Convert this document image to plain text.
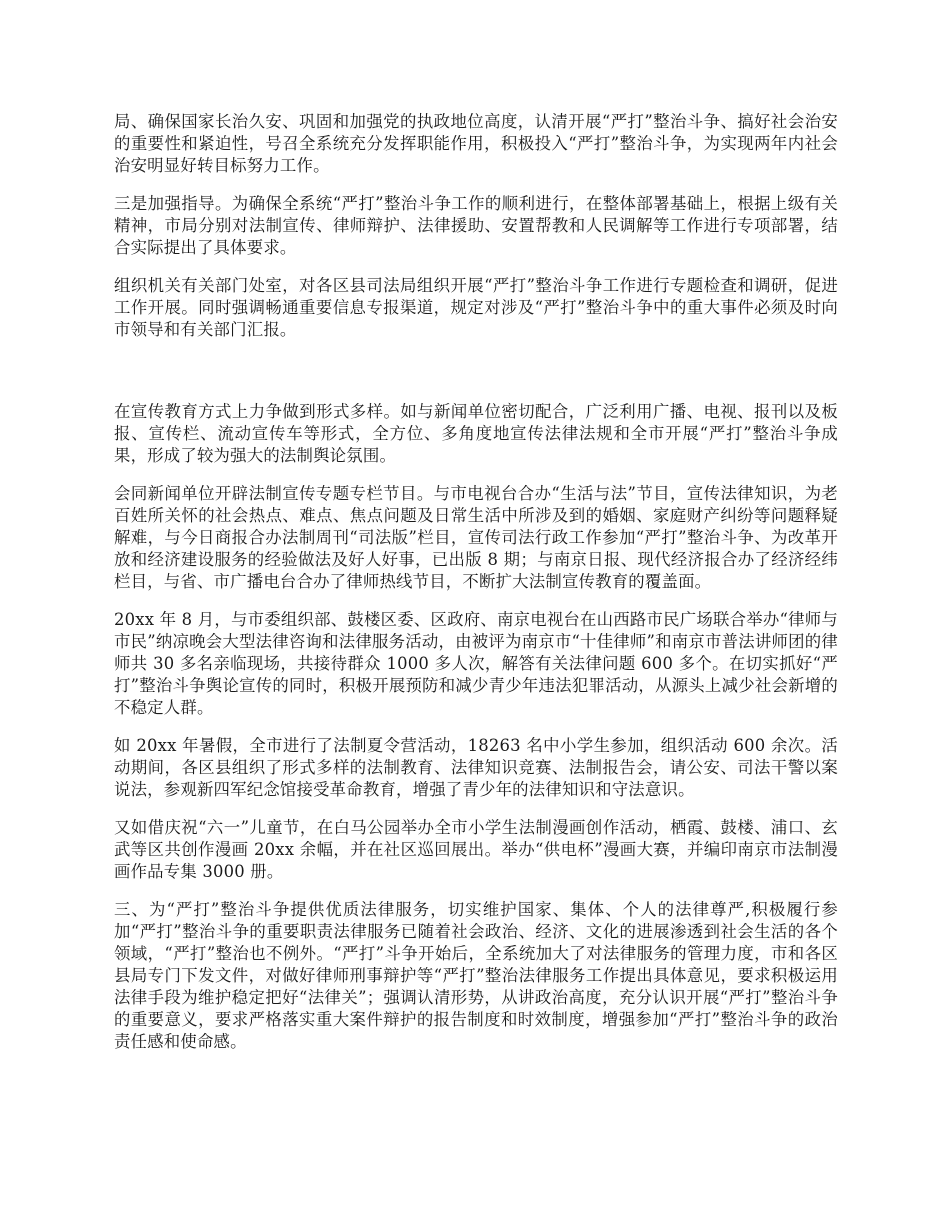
局、确保国家长治久安、巩固和加强党的执政地位高度，认清开展“严打”整治斗争、搞好社会治安的重要性和紧迫性，号召全系统充分发挥职能作用，积极投入“严打”整治斗争，为实现两年内社会治安明显好转目标努力工作。

三是加强指导。为确保全系统“严打”整治斗争工作的顺利进行，在整体部署基础上，根据上级有关精神，市局分别对法制宣传、律师辩护、法律援助、安置帮教和人民调解等工作进行专项部署，结合实际提出了具体要求。

组织机关有关部门处室，对各区县司法局组织开展“严打”整治斗争工作进行专题检查和调研，促进工作开展。同时强调畅通重要信息专报渠道，规定对涉及“严打”整治斗争中的重大事件必须及时向市领导和有关部门汇报。

在宣传教育方式上力争做到形式多样。如与新闻单位密切配合，广泛利用广播、电视、报刊以及板报、宣传栏、流动宣传车等形式，全方位、多角度地宣传法律法规和全市开展“严打”整治斗争成果，形成了较为强大的法制舆论氛围。

会同新闻单位开辟法制宣传专题专栏节目。与市电视台合办“生活与法”节目，宣传法律知识，为老百姓所关怀的社会热点、难点、焦点问题及日常生活中所涉及到的婚姻、家庭财产纠纷等问题释疑解难，与今日商报合办法制周刊“司法版”栏目，宣传司法行政工作参加“严打”整治斗争、为改革开放和经济建设服务的经验做法及好人好事，已出版 8 期；与南京日报、现代经济报合办了经济经纬栏目，与省、市广播电台合办了律师热线节目，不断扩大法制宣传教育的覆盖面。

20xx 年 8 月，与市委组织部、鼓楼区委、区政府、南京电视台在山西路市民广场联合举办“律师与市民”纳凉晚会大型法律咨询和法律服务活动，由被评为南京市“十佳律师”和南京市普法讲师团的律师共 30 多名亲临现场，共接待群众 1000 多人次，解答有关法律问题 600 多个。在切实抓好“严打”整治斗争舆论宣传的同时，积极开展预防和减少青少年违法犯罪活动，从源头上减少社会新增的不稳定人群。

如 20xx 年暑假，全市进行了法制夏令营活动，18263 名中小学生参加，组织活动 600 余次。活动期间，各区县组织了形式多样的法制教育、法律知识竞赛、法制报告会，请公安、司法干警以案说法，参观新四军纪念馆接受革命教育，增强了青少年的法律知识和守法意识。

又如借庆祝“六一”儿童节，在白马公园举办全市小学生法制漫画创作活动，栖霞、鼓楼、浦口、玄武等区共创作漫画 20xx 余幅，并在社区巡回展出。举办“供电杯”漫画大赛，并编印南京市法制漫画作品专集 3000 册。

三、为“严打”整治斗争提供优质法律服务，切实维护国家、集体、个人的法律尊严,积极履行参加“严打”整治斗争的重要职责法律服务已随着社会政治、经济、文化的进展渗透到社会生活的各个领域，“严打”整治也不例外。“严打”斗争开始后，全系统加大了对法律服务的管理力度，市和各区县局专门下发文件，对做好律师刑事辩护等“严打”整治法律服务工作提出具体意见，要求积极运用法律手段为维护稳定把好“法律关”；强调认清形势，从讲政治高度，充分认识开展“严打”整治斗争的重要意义，要求严格落实重大案件辩护的报告制度和时效制度，增强参加“严打”整治斗争的政治责任感和使命感。
